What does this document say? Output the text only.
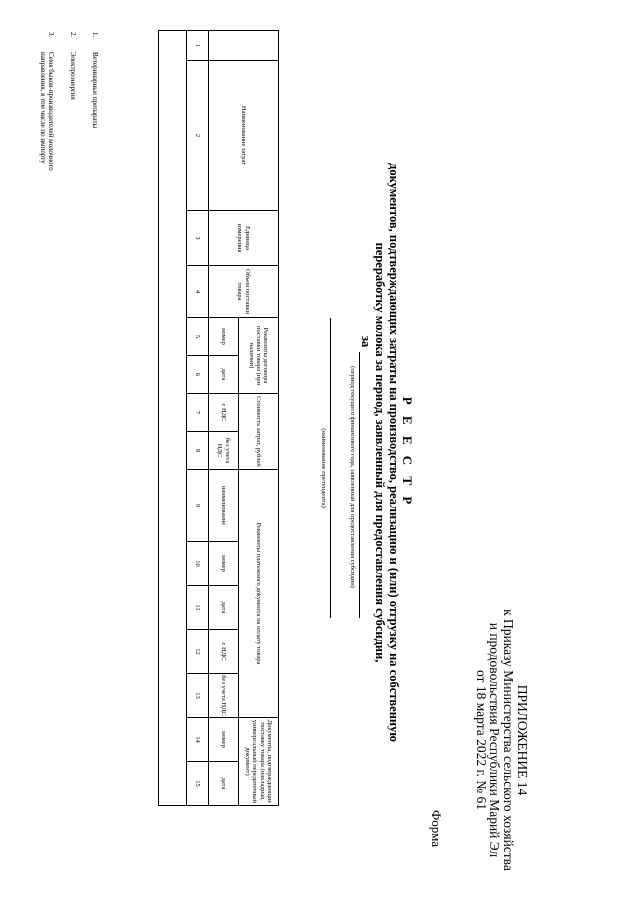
ПРИЛОЖЕНИЕ 14
к Приказу Министерства сельского хозяйства
и продовольствия Республики Марий Эл
от 18 марта 2022 г. № 61
Форма
Р Е Е С Т Р
документов, подтверждающих затраты на производство, реализацию и (или) отгрузку на собственную
переработку молока за период, заявленный для предоставления субсидии,
за
(период текущего финансового года, заявленный для предоставления субсидии)
(наименование претендента)
	Наименование затрат	Единица измерения	Объем поставки товара	Реквизиты договора поставки товара (при наличии)		Стоимость затрат, рублей		Реквизиты платежного документа на оплату товара					Документы, подтверждающие поставку товара (накладная, универсальный передаточный документ)	
				номер	дата	с НДС	без учета НДС	наименование	номер	дата	с НДС	без учета НДС	номер	дата
1	2	3	4	5	6	7	8	9	10	11	12	13	14	15

1.
Ветеринарные препараты
2.
Электроэнергия
3.
Семя быков-производителей молочного направления, в том числе по импорту
